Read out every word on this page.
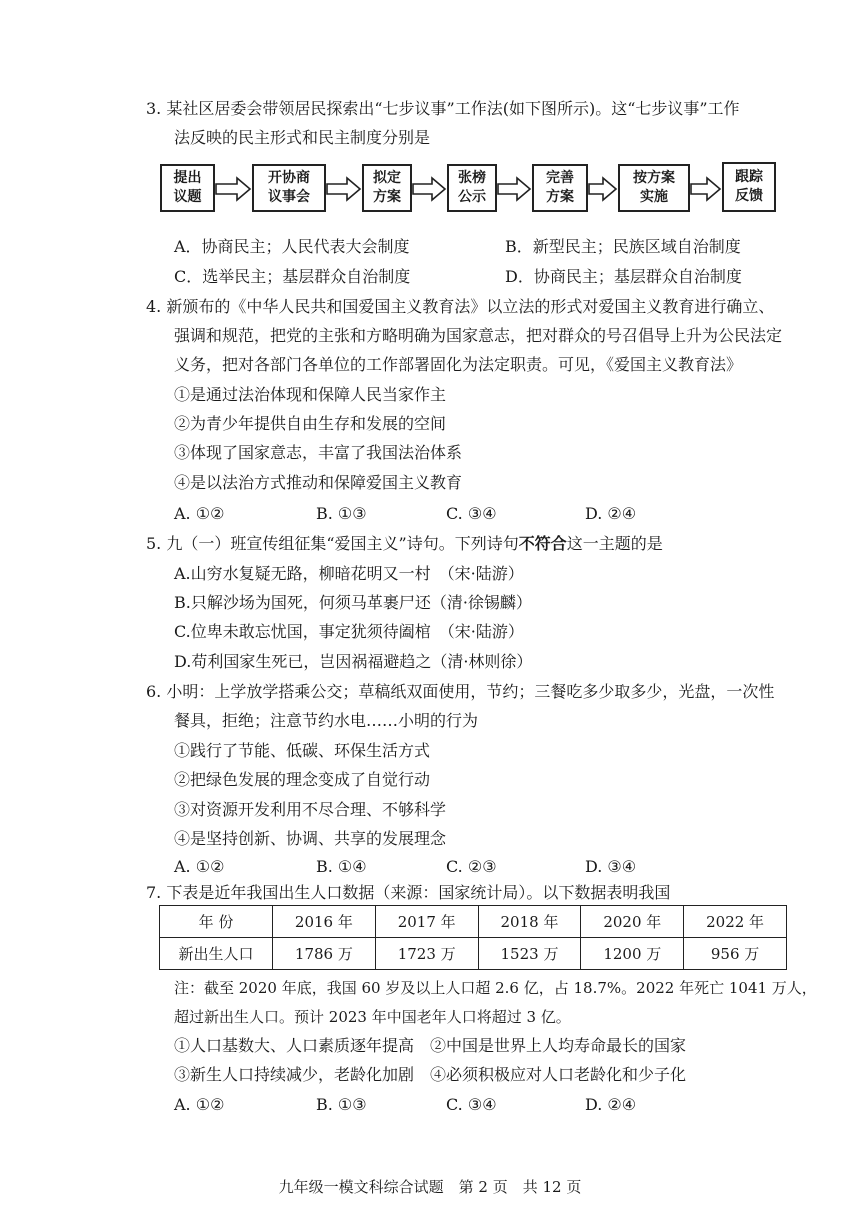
3. 某社区居委会带领居民探索出“七步议事”工作法(如下图所示)。这“七步议事”工作
法反映的民主形式和民主制度分别是
提出
议题
开协商
议事会
拟定
方案
张榜
公示
完善
方案
按方案
实施
跟踪
反馈
A．协商民主；人民代表大会制度	B．新型民主；民族区域自治制度
C．选举民主；基层群众自治制度	D．协商民主；基层群众自治制度
4. 新颁布的《中华人民共和国爱国主义教育法》以立法的形式对爱国主义教育进行确立、
强调和规范，把党的主张和方略明确为国家意志，把对群众的号召倡导上升为公民法定
义务，把对各部门各单位的工作部署固化为法定职责。可见，《爱国主义教育法》
①是通过法治体现和保障人民当家作主
②为青少年提供自由生存和发展的空间
③体现了国家意志，丰富了我国法治体系
④是以法治方式推动和保障爱国主义教育
A. ①②	B. ①③	C. ③④	D. ②④
5. 九（一）班宣传组征集“爱国主义”诗句。下列诗句不符合这一主题的是
A.山穷水复疑无路，柳暗花明又一村　（宋·陆游）
B.只解沙场为国死，何须马革裹尸还（清·徐锡麟）
C.位卑未敢忘忧国，事定犹须待阖棺　（宋·陆游）
D.苟利国家生死已，岂因祸福避趋之（清·林则徐）
6. 小明：上学放学搭乘公交；草稿纸双面使用，节约；三餐吃多少取多少，光盘，一次性
餐具，拒绝；注意节约水电……小明的行为
①践行了节能、低碳、环保生活方式
②把绿色发展的理念变成了自觉行动
③对资源开发利用不尽合理、不够科学
④是坚持创新、协调、共享的发展理念
A. ①②	B. ①④	C. ②③	D. ③④
7. 下表是近年我国出生人口数据（来源：国家统计局）。以下数据表明我国
年 份	2016 年	2017 年	2018 年	2020 年	2022 年
新出生人口	1786 万	1723 万	1523 万	1200 万	956 万
注：截至 2020 年底，我国 60 岁及以上人口超 2.6 亿，占 18.7%。2022 年死亡 1041 万人，
超过新出生人口。预计 2023 年中国老年人口将超过 3 亿。
①人口基数大、人口素质逐年提高　②中国是世界上人均寿命最长的国家
③新生人口持续减少，老龄化加剧　④必须积极应对人口老龄化和少子化
A. ①②	B. ①③	C. ③④	D. ②④
九年级一模文科综合试题　第 2 页　共 12 页
